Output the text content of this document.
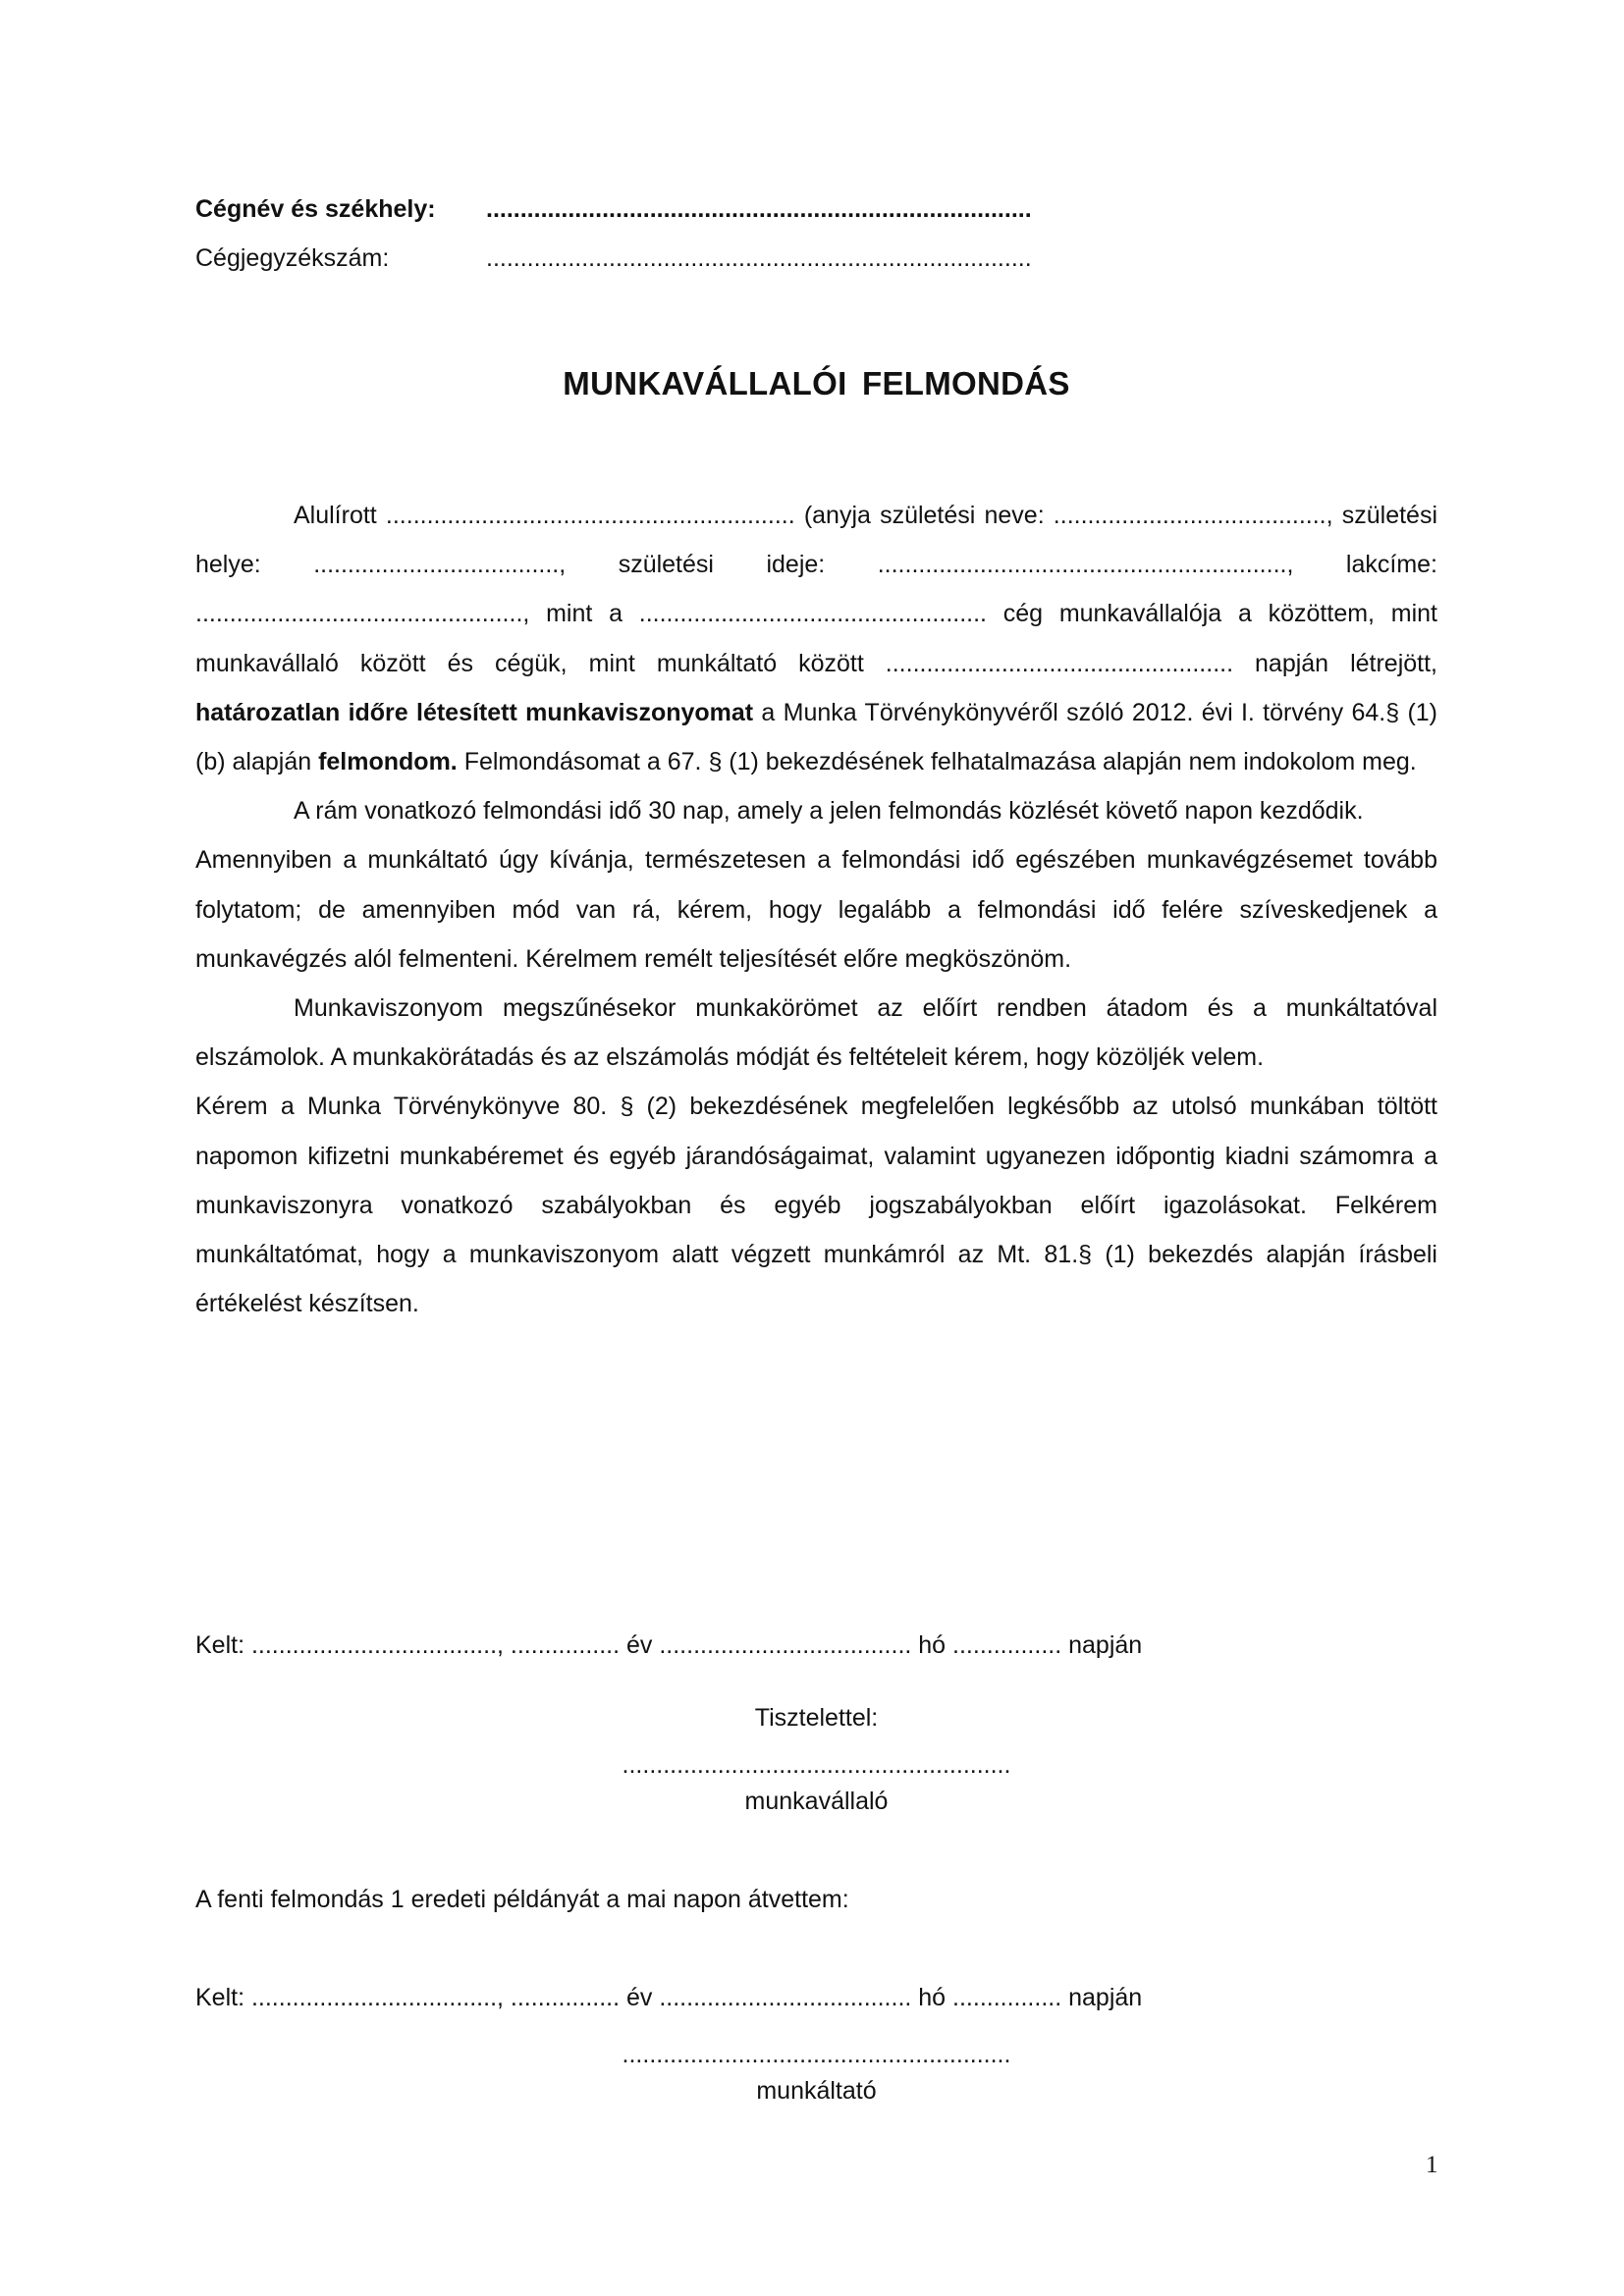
Cégnév és székhely:	................................................................................
Cégjegyzékszám:	................................................................................
MUNKAVÁLLALÓI FELMONDÁS

Alulírott ............................................................ (anyja születési neve: ........................................, születési helye: ...................................., születési ideje: ............................................................, lakcíme: ................................................, mint a ................................................... cég munkavállalója a közöttem, mint munkavállaló között és cégük, mint munkáltató között ................................................... napján létrejött, határozatlan időre létesített munkaviszonyomat a Munka Törvénykönyvéről szóló 2012. évi I. törvény 64.§ (1) (b) alapján felmondom. Felmondásomat a 67. § (1) bekezdésének felhatalmazása alapján nem indokolom meg.

A rám vonatkozó felmondási idő 30 nap, amely a jelen felmondás közlését követő napon kezdődik.

Amennyiben a munkáltató úgy kívánja, természetesen a felmondási idő egészében munkavégzésemet tovább folytatom; de amennyiben mód van rá, kérem, hogy legalább a felmondási idő felére szíveskedjenek a munkavégzés alól felmenteni. Kérelmem remélt teljesítését előre megköszönöm.

Munkaviszonyom megszűnésekor munkakörömet az előírt rendben átadom és a munkáltatóval elszámolok. A munkakörátadás és az elszámolás módját és feltételeit kérem, hogy közöljék velem.

Kérem a Munka Törvénykönyve 80. § (2) bekezdésének megfelelően legkésőbb az utolsó munkában töltött napomon kifizetni munkabéremet és egyéb járandóságaimat, valamint ugyanezen időpontig kiadni számomra a munkaviszonyra vonatkozó szabályokban és egyéb jogszabályokban előírt igazolásokat. Felkérem munkáltatómat, hogy a munkaviszonyom alatt végzett munkámról az Mt. 81.§ (1) bekezdés alapján írásbeli értékelést készítsen.

Kelt: ...................................., ................ év ..................................... hó ................ napján
Tisztelettel:
.........................................................
munkavállaló
A fenti felmondás 1 eredeti példányát a mai napon átvettem:
Kelt: ...................................., ................ év ..................................... hó ................ napján
.........................................................
munkáltató
1
